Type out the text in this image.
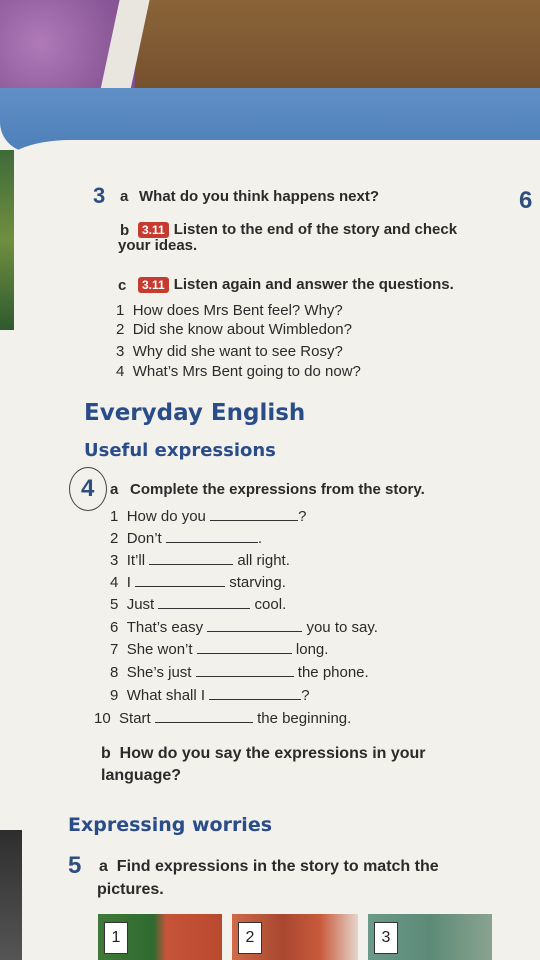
6
3 a What do you think happens next?
b	3.11 Listen to the end of the story and check
your ideas.
c	3.11 Listen again and answer the questions.
1 How does Mrs Bent feel? Why?
2 Did she know about Wimbledon?
3 Why did she want to see Rosy?
4 What’s Mrs Bent going to do now?
Everyday English
Useful expressions
4 a Complete the expressions from the story.
1 How do you	?
2 Don’t	.
3 It’ll	all right.
4 I	starving.
5 Just	cool.
6 That’s easy	you to say.
7 She won’t	long.
8 She’s just	the phone.
9 What shall I	?
10 Start	the beginning.
b How do you say the expressions in your
language?
Expressing worries
5 a Find expressions in the story to match the
pictures.
1	2	3
